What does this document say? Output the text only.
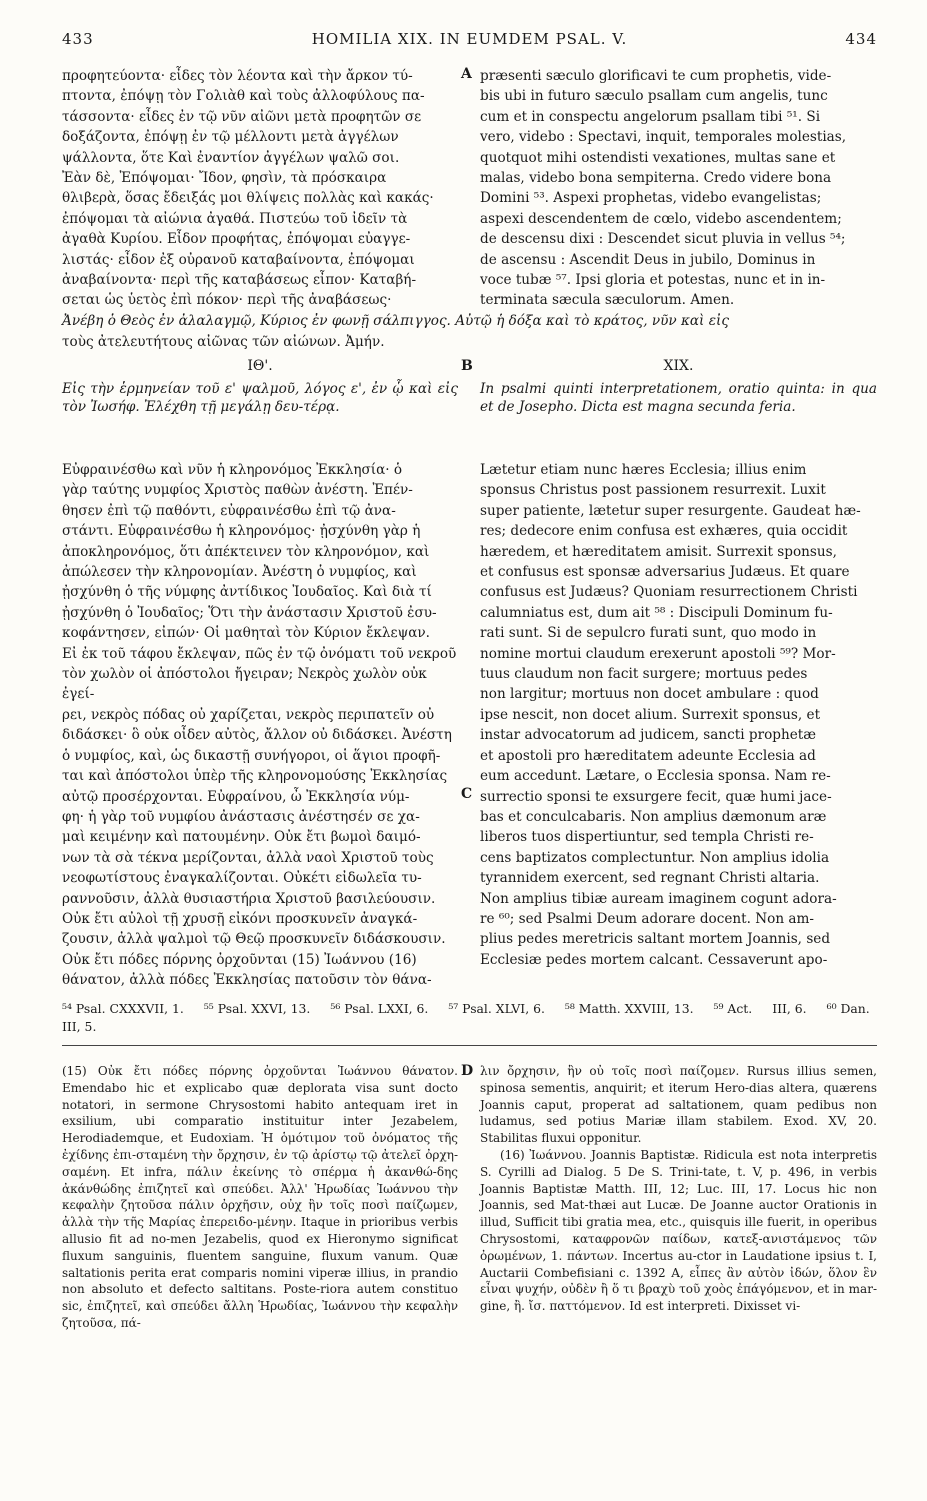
433	HOMILIA XIX. IN EUMDEM PSAL. V.	434
προφητεύοντα· εἶδες τὸν λέοντα καὶ τὴν ἄρκον τύ-
πτοντα, ἐπόψῃ τὸν Γολιὰθ καὶ τοὺς ἀλλοφύλους πα-
τάσσοντα· εἶδες ἐν τῷ νῦν αἰῶνι μετὰ προφητῶν σε
δοξάζοντα, ἐπόψῃ ἐν τῷ μέλλοντι μετὰ ἀγγέλων
ψάλλοντα, ὅτε Καὶ ἐναντίον ἀγγέλων ψαλῶ σοι.
Ἐὰν δὲ, Ἐπόψομαι· Ἴδον, φησὶν, τὰ πρόσκαιρα
θλιβερὰ, ὅσας ἔδειξάς μοι θλίψεις πολλὰς καὶ κακάς·
ἐπόψομαι τὰ αἰώνια ἀγαθά. Πιστεύω τοῦ ἰδεῖν τὰ
ἀγαθὰ Κυρίου. Εἶδον προφήτας, ἐπόψομαι εὐαγγε-
λιστάς· εἶδον ἐξ οὐρανοῦ καταβαίνοντα, ἐπόψομαι
ἀναβαίνοντα· περὶ τῆς καταβάσεως εἶπον· Καταβή-
σεται ὡς ὑετὸς ἐπὶ πόκον· περὶ τῆς ἀναβάσεως·
præsenti sæculo glorificavi te cum prophetis, vide-
bis ubi in futuro sæculo psallam cum angelis, tunc
cum et in conspectu angelorum psallam tibi ⁵¹. Si
vero, videbo : Spectavi, inquit, temporales molestias,
quotquot mihi ostendisti vexationes, multas sane et
malas, videbo bona sempiterna. Credo videre bona
Domini ⁵³. Aspexi prophetas, videbo evangelistas;
aspexi descendentem de cœlo, videbo ascendentem;
de descensu dixi : Descendet sicut pluvia in vellus ⁵⁴;
de ascensu : Ascendit Deus in jubilo, Dominus in
voce tubæ ⁵⁷. Ipsi gloria et potestas, nunc et in in-
terminata sæcula sæculorum. Amen.
A
Ἀνέβη ὁ Θεὸς ἐν ἀλαλαγμῷ, Κύριος ἐν φωνῇ σάλπιγγος. Αὐτῷ ἡ δόξα καὶ τὸ κράτος, νῦν καὶ εἰς
τοὺς ἀτελευτήτους αἰῶνας τῶν αἰώνων. Ἀμήν.
ΙΘ'.	B	XIX.
Εἰς τὴν ἑρμηνείαν τοῦ ε' ψαλμοῦ, λόγος ε', ἐν ᾧ καὶ εἰς τὸν Ἰωσήφ. Ἐλέχθη τῇ μεγάλῃ δευ-τέρᾳ.
In psalmi quinti interpretationem, oratio quinta: in qua et de Josepho. Dicta est magna secunda feria.
Εὐφραινέσθω καὶ νῦν ἡ κληρονόμος Ἐκκλησία· ὁ
γὰρ ταύτης νυμφίος Χριστὸς παθὼν ἀνέστη. Ἐπέν-
θησεν ἐπὶ τῷ παθόντι, εὐφραινέσθω ἐπὶ τῷ ἀνα-
στάντι. Εὐφραινέσθω ἡ κληρονόμος· ᾐσχύνθη γὰρ ἡ
ἀποκληρονόμος, ὅτι ἀπέκτεινεν τὸν κληρονόμον, καὶ
ἀπώλεσεν τὴν κληρονομίαν. Ἀνέστη ὁ νυμφίος, καὶ
ᾐσχύνθη ὁ τῆς νύμφης ἀντίδικος Ἰουδαῖος. Καὶ διὰ τί
ᾐσχύνθη ὁ Ἰουδαῖος; Ὅτι τὴν ἀνάστασιν Χριστοῦ ἐσυ-
κοφάντησεν, εἰπών· Οἱ μαθηταὶ τὸν Κύριον ἔκλεψαν.
Εἰ ἐκ τοῦ τάφου ἔκλεψαν, πῶς ἐν τῷ ὀνόματι τοῦ νεκροῦ
τὸν χωλὸν οἱ ἀπόστολοι ἤγειραν; Νεκρὸς χωλὸν οὐκ ἐγεί-
ρει, νεκρὸς πόδας οὐ χαρίζεται, νεκρὸς περιπατεῖν οὐ
διδάσκει· ὃ οὐκ οἶδεν αὐτὸς, ἄλλον οὐ διδάσκει. Ἀνέστη
ὁ νυμφίος, καὶ, ὡς δικαστῇ συνήγοροι, οἱ ἅγιοι προφῆ-
ται καὶ ἀπόστολοι ὑπὲρ τῆς κληρονομούσης Ἐκκλησίας
αὐτῷ προσέρχονται. Εὐφραίνου, ὦ Ἐκκλησία νύμ-
φη· ἡ γὰρ τοῦ νυμφίου ἀνάστασις ἀνέστησέν σε χα-
μαὶ κειμένην καὶ πατουμένην. Οὐκ ἔτι βωμοὶ δαιμό-
νων τὰ σὰ τέκνα μερίζονται, ἀλλὰ ναοὶ Χριστοῦ τοὺς
νεοφωτίστους ἐναγκαλίζονται. Οὐκέτι εἰδωλεῖα τυ-
ραννοῦσιν, ἀλλὰ θυσιαστήρια Χριστοῦ βασιλεύουσιν.
Οὐκ ἔτι αὐλοὶ τῇ χρυσῇ εἰκόνι προσκυνεῖν ἀναγκά-
ζουσιν, ἀλλὰ ψαλμοὶ τῷ Θεῷ προσκυνεῖν διδάσκουσιν.
Οὐκ ἔτι πόδες πόρνης ὀρχοῦνται (15) Ἰωάννου (16)
θάνατον, ἀλλὰ πόδες Ἐκκλησίας πατοῦσιν τὸν θάνα-
Lætetur etiam nunc hæres Ecclesia; illius enim
sponsus Christus post passionem resurrexit. Luxit
super patiente, lætetur super resurgente. Gaudeat hæ-
res; dedecore enim confusa est exhæres, quia occidit
hæredem, et hæreditatem amisit. Surrexit sponsus,
et confusus est sponsæ adversarius Judæus. Et quare
confusus est Judæus? Quoniam resurrectionem Christi
calumniatus est, dum ait ⁵⁸ : Discipuli Dominum fu-
rati sunt. Si de sepulcro furati sunt, quo modo in
nomine mortui claudum erexerunt apostoli ⁵⁹? Mor-
tuus claudum non facit surgere; mortuus pedes
non largitur; mortuus non docet ambulare : quod
ipse nescit, non docet alium. Surrexit sponsus, et
instar advocatorum ad judicem, sancti prophetæ
et apostoli pro hæreditatem adeunte Ecclesia ad
eum accedunt. Lætare, o Ecclesia sponsa. Nam re-
surrectio sponsi te exsurgere fecit, quæ humi jace-
bas et conculcabaris. Non amplius dæmonum aræ
liberos tuos dispertiuntur, sed templa Christi re-
cens baptizatos complectuntur. Non amplius idolia
tyrannidem exercent, sed regnant Christi altaria.
Non amplius tibiæ auream imaginem cogunt adora-
re ⁶⁰; sed Psalmi Deum adorare docent. Non am-
plius pedes meretricis saltant mortem Joannis, sed
Ecclesiæ pedes mortem calcant. Cessaverunt apo-
C
⁵⁴ Psal. CXXXVII, 1. ⁵⁵ Psal. XXVI, 13. ⁵⁶ Psal. LXXI, 6. ⁵⁷ Psal. XLVI, 6. ⁵⁸ Matth. XXVIII, 13. ⁵⁹ Act. III, 6. ⁶⁰ Dan. III, 5.

(15) Οὐκ ἔτι πόδες πόρνης ὀρχοῦνται Ἰωάννου θάνατον. Emendabo hic et explicabo quæ deplorata visa sunt docto notatori, in sermone Chrysostomi habito antequam iret in exsilium, ubi comparatio instituitur inter Jezabelem, Herodiademque, et Eudoxiam. Ἡ ὁμότιμον τοῦ ὀνόματος τῆς ἐχίδνης ἐπι-σταμένη τὴν ὄρχησιν, ἐν τῷ ἀρίστῳ τῷ ἀτελεῖ ὀρχη-σαμένη. Et infra, πάλιν ἐκείνης τὸ σπέρμα ἡ ἀκανθώ-δης ἀκάνθώδης ἐπιζητεῖ καὶ σπεύδει. Ἀλλ' Ἡρωδίας Ἰωάννου τὴν κεφαλὴν ζητοῦσα πάλιν ὀρχῆσιν, οὐχ ἣν τοῖς ποσὶ παίζωμεν, ἀλλὰ τὴν τῆς Μαρίας ἐπερειδο-μένην. Itaque in prioribus verbis allusio fit ad no-men Jezabelis, quod ex Hieronymo significat fluxum sanguinis, fluentem sanguine, fluxum vanum. Quæ saltationis perita erat comparis nomini viperæ illius, in prandio non absoluto et defecto saltitans. Poste-riora autem constituo sic, ἐπιζητεῖ, καὶ σπεύδει ἄλλη Ἡρωδίας, Ἰωάννου τὴν κεφαλὴν ζητοῦσα, πά-

D λιν ὄρχησιν, ἣν οὐ τοῖς ποσὶ παίζομεν. Rursus illius semen, spinosa sementis, anquirit; et iterum Hero-dias altera, quærens Joannis caput, properat ad saltationem, quam pedibus non ludamus, sed potius Mariæ illam stabilem. Exod. XV, 20. Stabilitas fluxui opponitur.

(16) Ἰωάννου. Joannis Baptistæ. Ridicula est nota interpretis S. Cyrilli ad Dialog. 5 De S. Trini-tate, t. V, p. 496, in verbis Joannis Baptistæ Matth. III, 12; Luc. III, 17. Locus hic non Joannis, sed Mat-thæi aut Lucæ. De Joanne auctor Orationis in illud, Sufficit tibi gratia mea, etc., quisquis ille fuerit, in operibus Chrysostomi, καταφρονῶν παίδων, κατεξ-ανιστάμενος τῶν ὀρωμένων, 1. πάντων. Incertus au-ctor in Laudatione ipsius t. I, Auctarii Combefisiani c. 1392 A, εἶπες ἂν αὐτὸν ἰδών, ὅλον ἓν εἶναι ψυχήν, οὐδὲν ἢ ὅ τι βραχὺ τοῦ χοὸς ἐπάγόμενον, et in mar-gine, ἢ. ἴσ. παττόμενον. Id est interpreti. Dixisset vi-
